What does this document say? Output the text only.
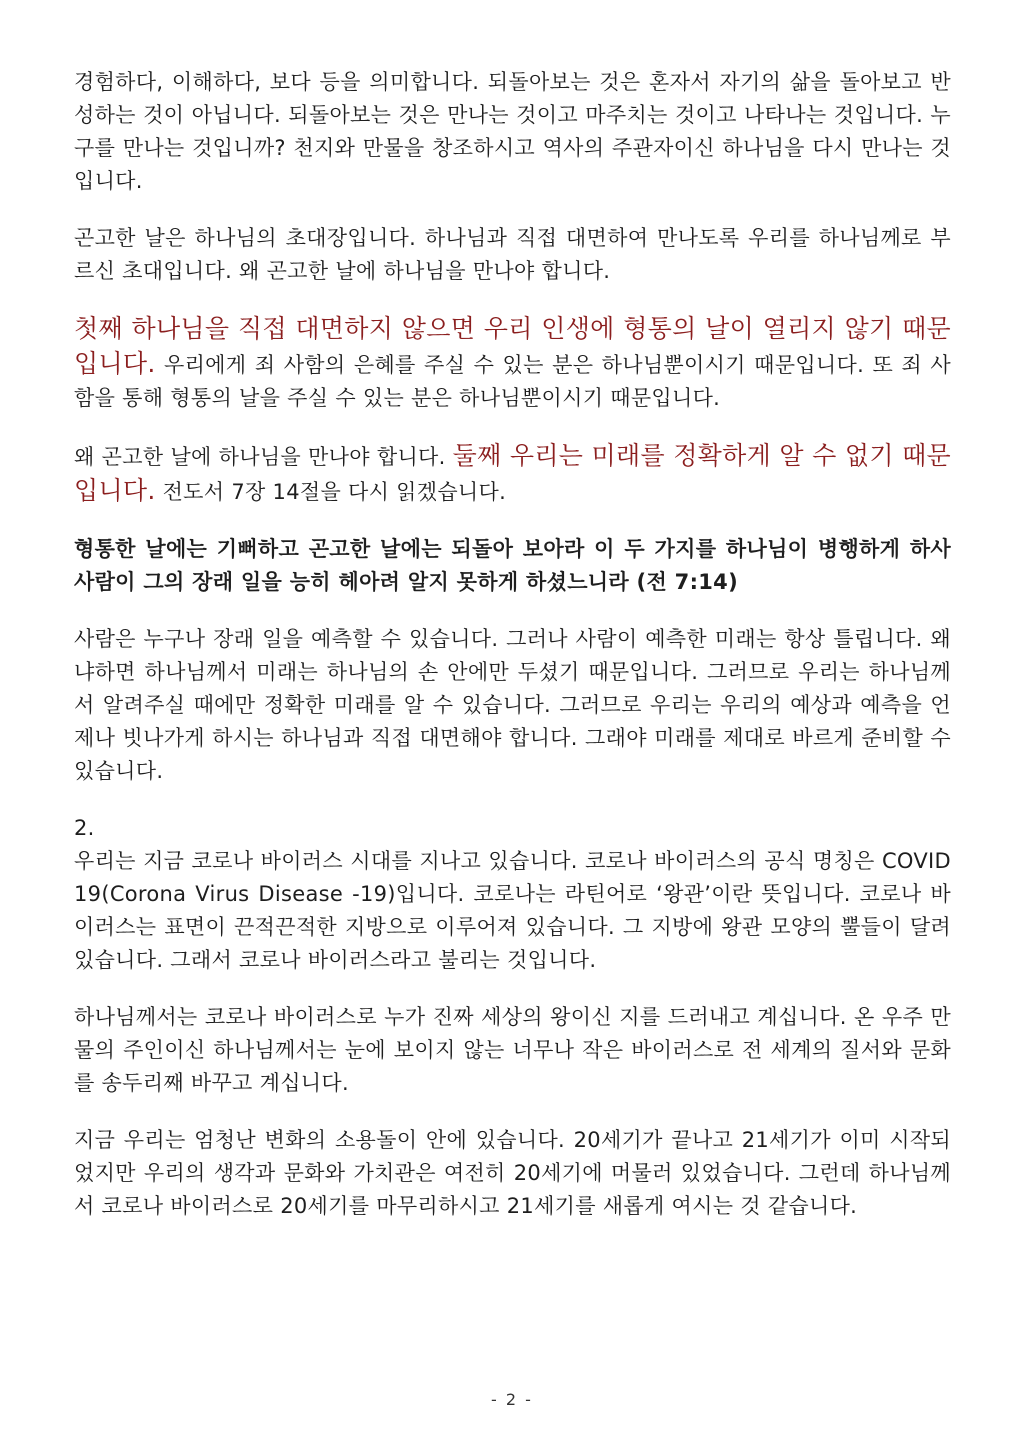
경험하다, 이해하다, 보다 등을 의미합니다. 되돌아보는 것은 혼자서 자기의 삶을 돌아보고 반성하는 것이 아닙니다. 되돌아보는 것은 만나는 것이고 마주치는 것이고 나타나는 것입니다. 누구를 만나는 것입니까? 천지와 만물을 창조하시고 역사의 주관자이신 하나님을 다시 만나는 것입니다.

곤고한 날은 하나님의 초대장입니다. 하나님과 직접 대면하여 만나도록 우리를 하나님께로 부르신 초대입니다. 왜 곤고한 날에 하나님을 만나야 합니다.

첫째 하나님을 직접 대면하지 않으면 우리 인생에 형통의 날이 열리지 않기 때문입니다. 우리에게 죄 사함의 은혜를 주실 수 있는 분은 하나님뿐이시기 때문입니다. 또 죄 사함을 통해 형통의 날을 주실 수 있는 분은 하나님뿐이시기 때문입니다.

왜 곤고한 날에 하나님을 만나야 합니다. 둘째 우리는 미래를 정확하게 알 수 없기 때문입니다. 전도서 7장 14절을 다시 읽겠습니다.

형통한 날에는 기뻐하고 곤고한 날에는 되돌아 보아라 이 두 가지를 하나님이 병행하게 하사 사람이 그의 장래 일을 능히 헤아려 알지 못하게 하셨느니라 (전 7:14)

사람은 누구나 장래 일을 예측할 수 있습니다. 그러나 사람이 예측한 미래는 항상 틀립니다. 왜냐하면 하나님께서 미래는 하나님의 손 안에만 두셨기 때문입니다. 그러므로 우리는 하나님께서 알려주실 때에만 정확한 미래를 알 수 있습니다. 그러므로 우리는 우리의 예상과 예측을 언제나 빗나가게 하시는 하나님과 직접 대면해야 합니다. 그래야 미래를 제대로 바르게 준비할 수 있습니다.

2.

우리는 지금 코로나 바이러스 시대를 지나고 있습니다. 코로나 바이러스의 공식 명칭은 COVID 19(Corona Virus Disease -19)입니다. 코로나는 라틴어로 ‘왕관’이란 뜻입니다. 코로나 바이러스는 표면이 끈적끈적한 지방으로 이루어져 있습니다. 그 지방에 왕관 모양의 뿔들이 달려있습니다. 그래서 코로나 바이러스라고 불리는 것입니다.

하나님께서는 코로나 바이러스로 누가 진짜 세상의 왕이신 지를 드러내고 계십니다. 온 우주 만물의 주인이신 하나님께서는 눈에 보이지 않는 너무나 작은 바이러스로 전 세계의 질서와 문화를 송두리째 바꾸고 계십니다.

지금 우리는 엄청난 변화의 소용돌이 안에 있습니다. 20세기가 끝나고 21세기가 이미 시작되었지만 우리의 생각과 문화와 가치관은 여전히 20세기에 머물러 있었습니다. 그런데 하나님께서 코로나 바이러스로 20세기를 마무리하시고 21세기를 새롭게 여시는 것 같습니다.

- 2 -
